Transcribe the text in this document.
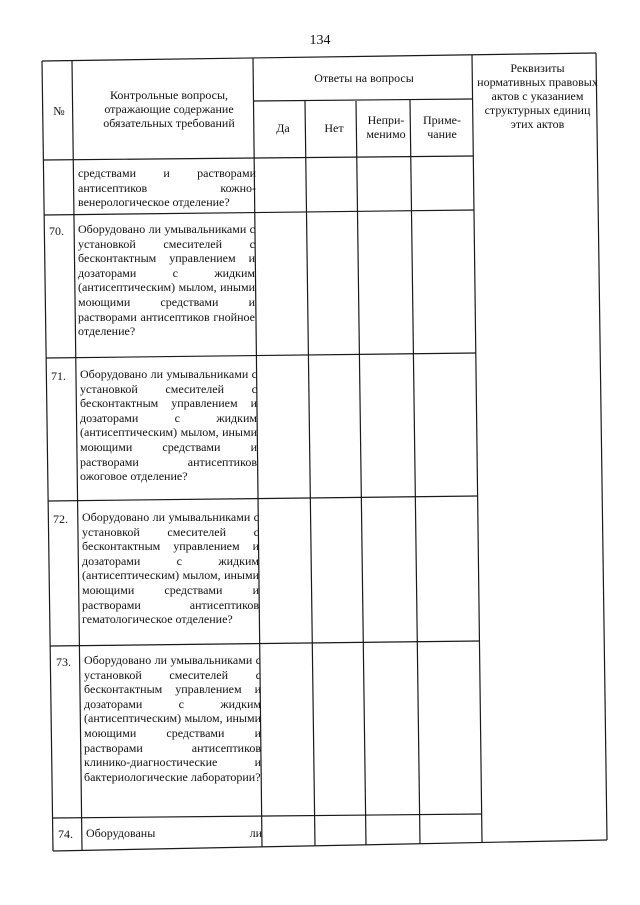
134
№
Контрольные вопросы, отражающие содержание обязательных требований
Ответы на вопросы
Да	Нет
Непри-менимо
Приме-чание
Реквизиты нормативных правовых актов с указанием структурных единиц этих актов
70.
71.
72.
73.
74.
средствами и растворами антисептиков кожно-венерологическое отделение?
Оборудовано ли умывальниками с установкой смесителей с бесконтактным управлением и дозаторами с жидким (антисептическим) мылом, иными моющими средствами и растворами антисептиков гнойное отделение?
Оборудовано ли умывальниками с установкой смесителей с бесконтактным управлением и дозаторами с жидким (антисептическим) мылом, иными моющими средствами и растворами антисептиков ожоговое отделение?
Оборудовано ли умывальниками с установкой смесителей с бесконтактным управлением и дозаторами с жидким (антисептическим) мылом, иными моющими средствами и растворами антисептиков гематологическое отделение?
Оборудовано ли умывальниками с установкой смесителей с бесконтактным управлением и дозаторами с жидким (антисептическим) мылом, иными моющими средствами и растворами антисептиков клинико-диагностические и бактериологические лаборатории?
Оборудованы ли
